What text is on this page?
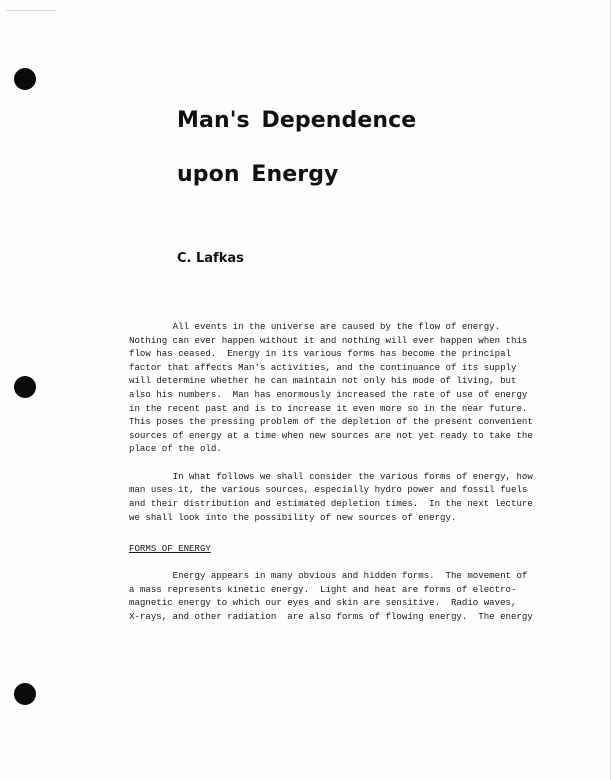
Man's Dependence
upon Energy
C. Lafkas

All events in the universe are caused by the flow of energy.
Nothing can ever happen without it and nothing will ever happen when this
flow has ceased.  Energy in its various forms has become the principal
factor that affects Man's activities, and the continuance of its supply
will determine whether he can maintain not only his mode of living, but
also his numbers.  Man has enormously increased the rate of use of energy
in the recent past and is to increase it even more so in the near future.
This poses the pressing problem of the depletion of the present convenient
sources of energy at a time when new sources are not yet ready to take the
place of the old.

In what follows we shall consider the various forms of energy, how
man uses it, the various sources, especially hydro power and fossil fuels
and their distribution and estimated depletion times.  In the next lecture
we shall look into the possibility of new sources of energy.

FORMS OF ENERGY

Energy appears in many obvious and hidden forms.  The movement of
a mass represents kinetic energy.  Light and heat are forms of electro-
magnetic energy to which our eyes and skin are sensitive.  Radio waves,
X-rays, and other radiation  are also forms of flowing energy.  The energy
